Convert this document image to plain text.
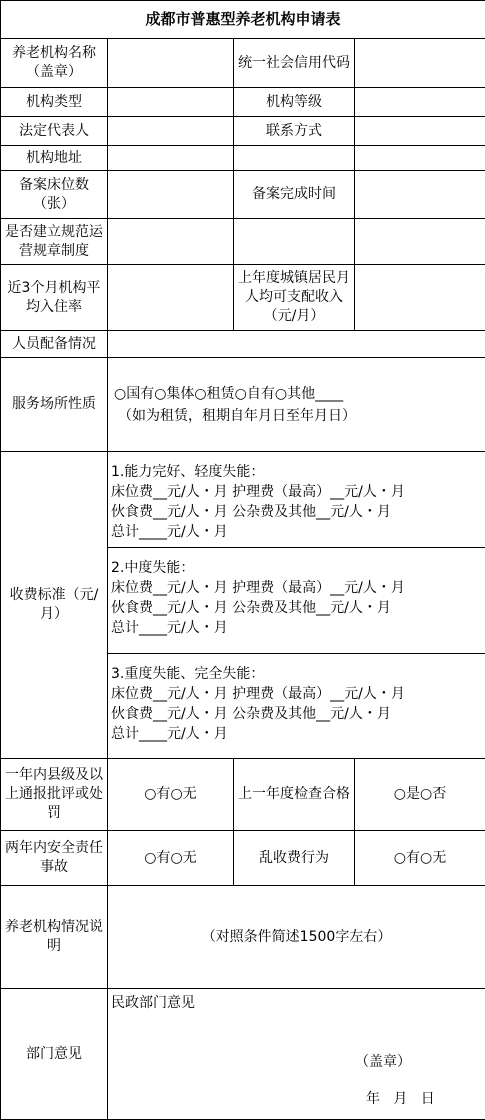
成都市普惠型养老机构申请表			
养老机构名称（盖章）		统一社会信用代码	
机构类型		机构等级	
法定代表人		联系方式	
机构地址			
备案床位数（张）		备案完成时间	
是否建立规范运营规章制度			
近3个月机构平均入住率		上年度城镇居民月人均可支配收入（元/月）	
人员配备情况			
服务场所性质	○国有○集体○租赁○自有○其他____
（如为租赁，租期自年月日至年月日）		

收费标准（元/月）	1.能力完好、轻度失能：
床位费__元/人・月 护理费（最高）__元/人・月
伙食费__元/人・月 公杂费及其他__元/人・月
总计____元/人・月		

	2.中度失能：
床位费__元/人・月 护理费（最高）__元/人・月
伙食费__元/人・月 公杂费及其他__元/人・月
总计____元/人・月		

	3.重度失能、完全失能：
床位费__元/人・月 护理费（最高）__元/人・月
伙食费__元/人・月 公杂费及其他__元/人・月
总计____元/人・月		

一年内县级及以上通报批评或处罚	○有○无	上一年度检查合格	○是○否
两年内安全责任事故	○有○无	乱收费行为	○有○无
养老机构情况说明	（对照条件简述1500字左右）		
部门意见	民政部门意见
（盖章）
年   月   日		
